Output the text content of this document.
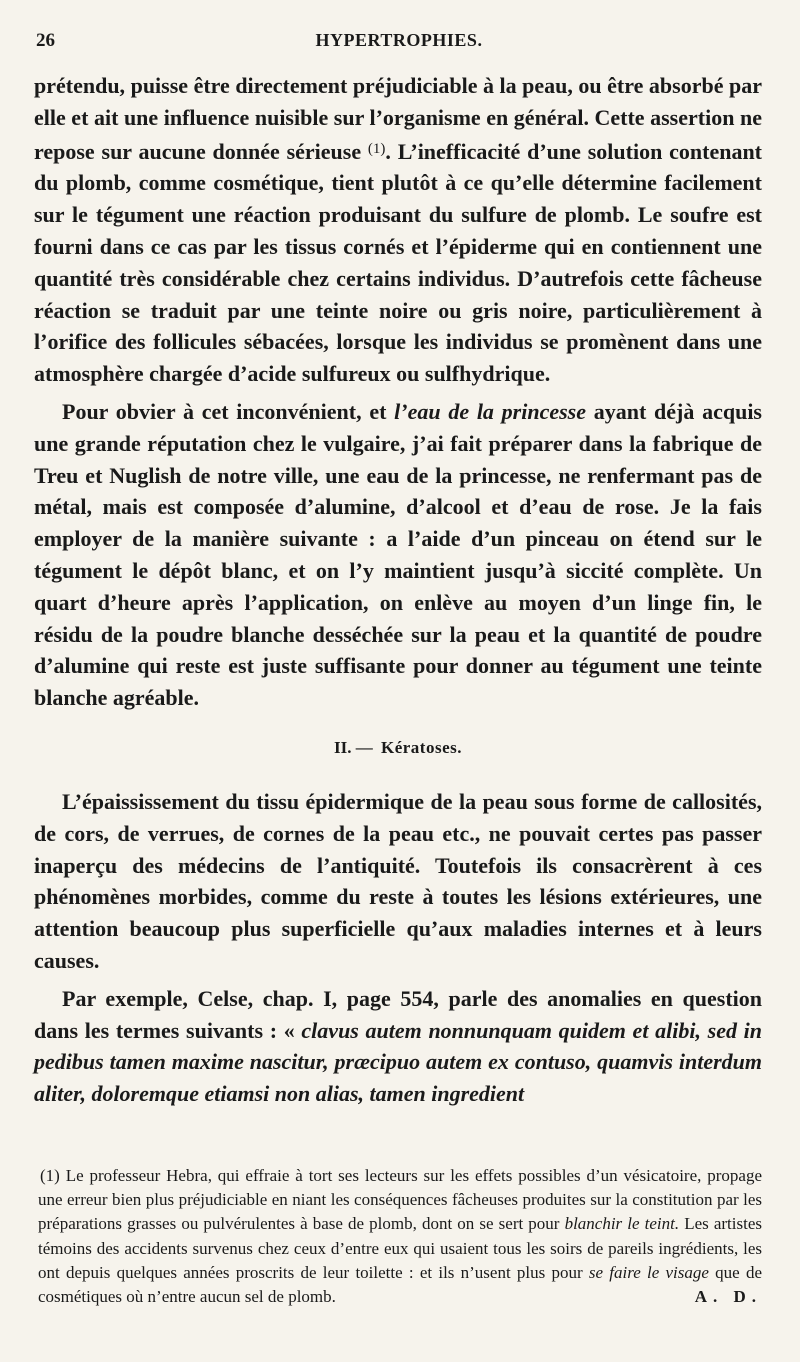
26	HYPERTROPHIES.

prétendu, puisse être directement préjudiciable à la peau, ou être absorbé par elle et ait une influence nuisible sur l’organisme en général. Cette assertion ne repose sur aucune donnée sérieuse $^{(1)}$. L’inefficacité d’une solution contenant du plomb, comme cosmétique, tient plutôt à ce qu’elle détermine facilement sur le tégument une réaction produisant du sulfure de plomb. Le soufre est fourni dans ce cas par les tissus cornés et l’épiderme qui en contiennent une quantité très considérable chez certains individus. D’autrefois cette fâcheuse réaction se traduit par une teinte noire ou gris noire, particulièrement à l’orifice des follicules sébacées, lorsque les individus se promènent dans une atmosphère chargée d’acide sulfureux ou sulfhydrique.

Pour obvier à cet inconvénient, et l’eau de la princesse ayant déjà acquis une grande réputation chez le vulgaire, j’ai fait préparer dans la fabrique de Treu et Nuglish de notre ville, une eau de la princesse, ne renfermant pas de métal, mais est composée d’alumine, d’alcool et d’eau de rose. Je la fais employer de la manière suivante : a l’aide d’un pinceau on étend sur le tégument le dépôt blanc, et on l’y maintient jusqu’à siccité complète. Un quart d’heure après l’application, on enlève au moyen d’un linge fin, le résidu de la poudre blanche desséchée sur la peau et la quantité de poudre d’alumine qui reste est juste suffisante pour donner au tégument une teinte blanche agréable.

II. — Kératoses.

L’épaississement du tissu épidermique de la peau sous forme de callosités, de cors, de verrues, de cornes de la peau etc., ne pouvait certes pas passer inaperçu des médecins de l’antiquité. Toutefois ils consacrèrent à ces phénomènes morbides, comme du reste à toutes les lésions extérieures, une attention beaucoup plus superficielle qu’aux maladies internes et à leurs causes.

Par exemple, Celse, chap. I, page 554, parle des anomalies en question dans les termes suivants : « clavus autem nonnunquam quidem et alibi, sed in pedibus tamen maxime nascitur, præcipuo autem ex contuso, quamvis interdum aliter, doloremque etiamsi non alias, tamen ingredient

(1) Le professeur Hebra, qui effraie à tort ses lecteurs sur les effets possibles d’un vésicatoire, propage une erreur bien plus préjudiciable en niant les conséquences fâcheuses produites sur la constitution par les préparations grasses ou pulvérulentes à base de plomb, dont on se sert pour blanchir le teint. Les artistes témoins des accidents survenus chez ceux d’entre eux qui usaient tous les soirs de pareils ingrédients, les ont depuis quelques années proscrits de leur toilette : et ils n’usent plus pour se faire le visage que de cosmétiques où n’entre aucun sel de plomb.	A. D.
